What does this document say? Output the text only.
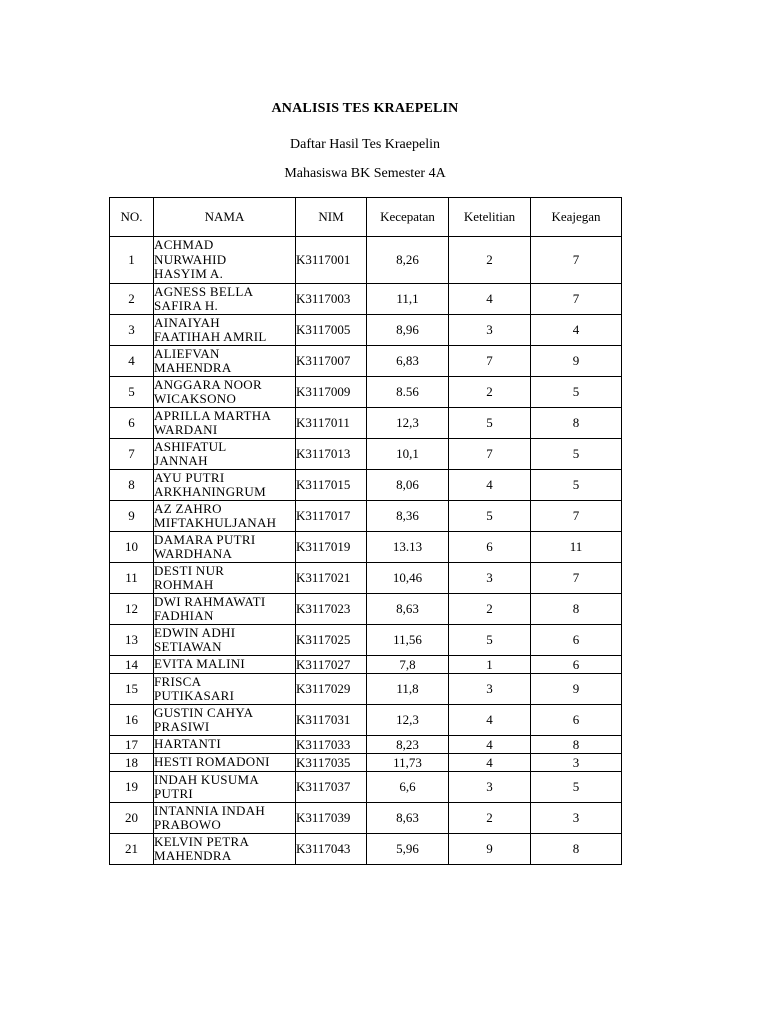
ANALISIS TES KRAEPELIN
Daftar Hasil Tes Kraepelin
Mahasiswa BK Semester 4A
NO.	NAMA	NIM	Kecepatan	Ketelitian	Keajegan
1	ACHMAD
NURWAHID
HASYIM A.	K3117001	8,26	2	7
2	AGNESS BELLA
SAFIRA H.	K3117003	11,1	4	7
3	AINAIYAH
FAATIHAH AMRIL	K3117005	8,96	3	4
4	ALIEFVAN
MAHENDRA	K3117007	6,83	7	9
5	ANGGARA NOOR
WICAKSONO	K3117009	8.56	2	5
6	APRILLA MARTHA
WARDANI	K3117011	12,3	5	8
7	ASHIFATUL
JANNAH	K3117013	10,1	7	5
8	AYU PUTRI
ARKHANINGRUM	K3117015	8,06	4	5
9	AZ ZAHRO
MIFTAKHULJANAH	K3117017	8,36	5	7
10	DAMARA PUTRI
WARDHANA	K3117019	13.13	6	11
11	DESTI NUR
ROHMAH	K3117021	10,46	3	7
12	DWI RAHMAWATI
FADHIAN	K3117023	8,63	2	8
13	EDWIN ADHI
SETIAWAN	K3117025	11,56	5	6
14	EVITA MALINI	K3117027	7,8	1	6
15	FRISCA
PUTIKASARI	K3117029	11,8	3	9
16	GUSTIN CAHYA
PRASIWI	K3117031	12,3	4	6
17	HARTANTI	K3117033	8,23	4	8
18	HESTI ROMADONI	K3117035	11,73	4	3
19	INDAH KUSUMA
PUTRI	K3117037	6,6	3	5
20	INTANNIA INDAH
PRABOWO	K3117039	8,63	2	3
21	KELVIN PETRA
MAHENDRA	K3117043	5,96	9	8
